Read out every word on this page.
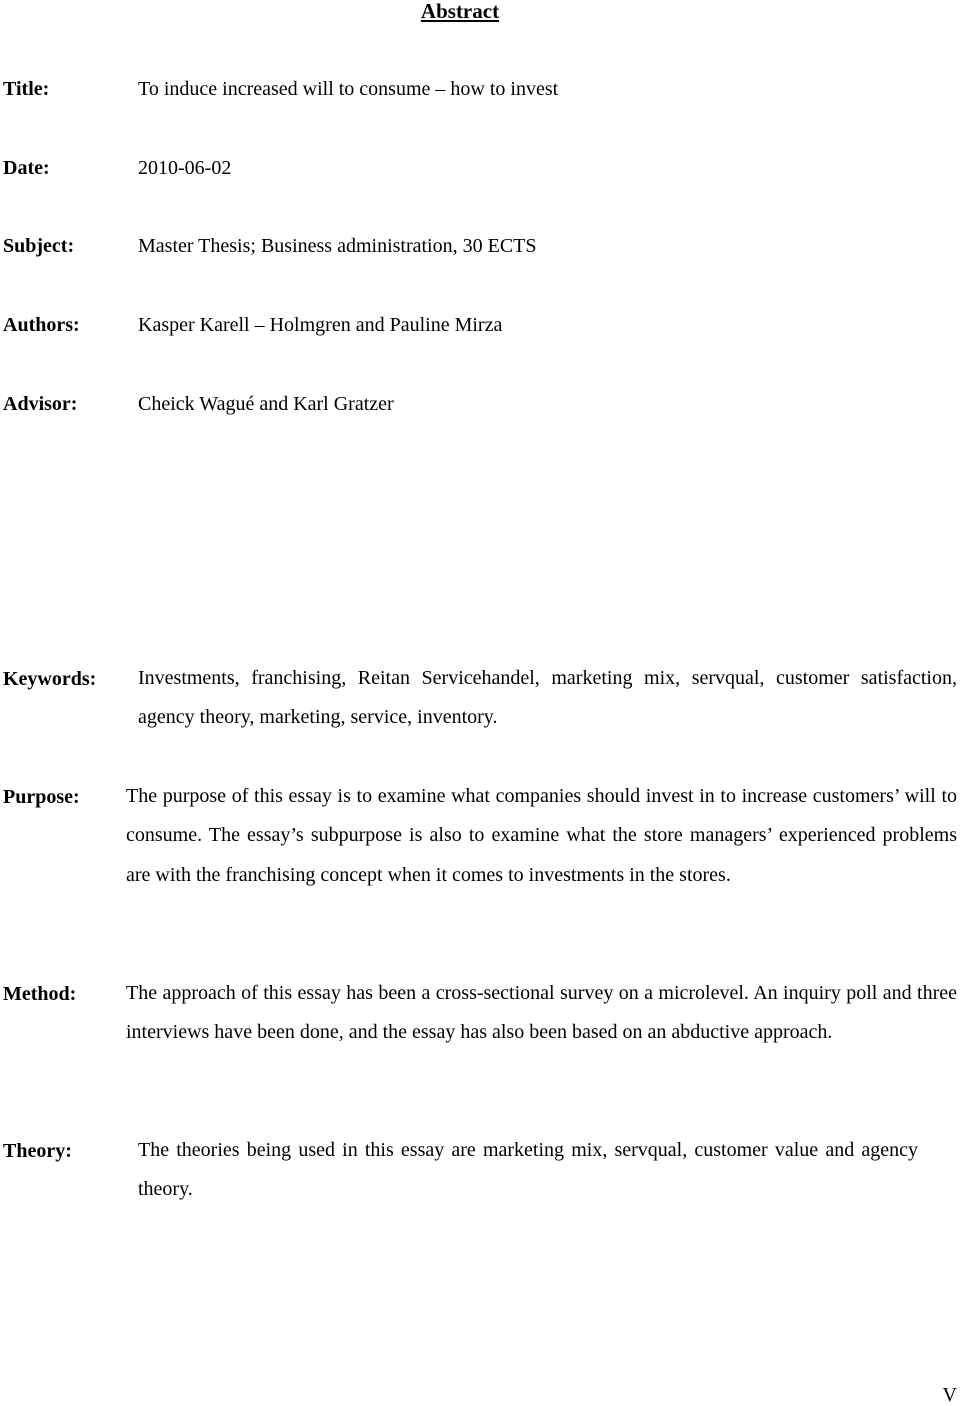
Abstract
Title:	To induce increased will to consume – how to invest
Date:	2010-06-02
Subject:	Master Thesis; Business administration, 30 ECTS
Authors:	Kasper Karell – Holmgren and Pauline Mirza
Advisor:	Cheick Wagué and Karl Gratzer
Keywords: Investments, franchising, Reitan Servicehandel, marketing mix, servqual, customer satisfaction, agency theory, marketing, service, inventory.
Purpose: The purpose of this essay is to examine what companies should invest in to increase customers’ will to consume. The essay’s subpurpose is also to examine what the store managers’ experienced problems are with the franchising concept when it comes to investments in the stores.
Method: The approach of this essay has been a cross-sectional survey on a microlevel. An inquiry poll and three interviews have been done, and the essay has also been based on an abductive approach.
Theory:	The theories being used in this essay are marketing mix, servqual, customer value and agency theory.
V
